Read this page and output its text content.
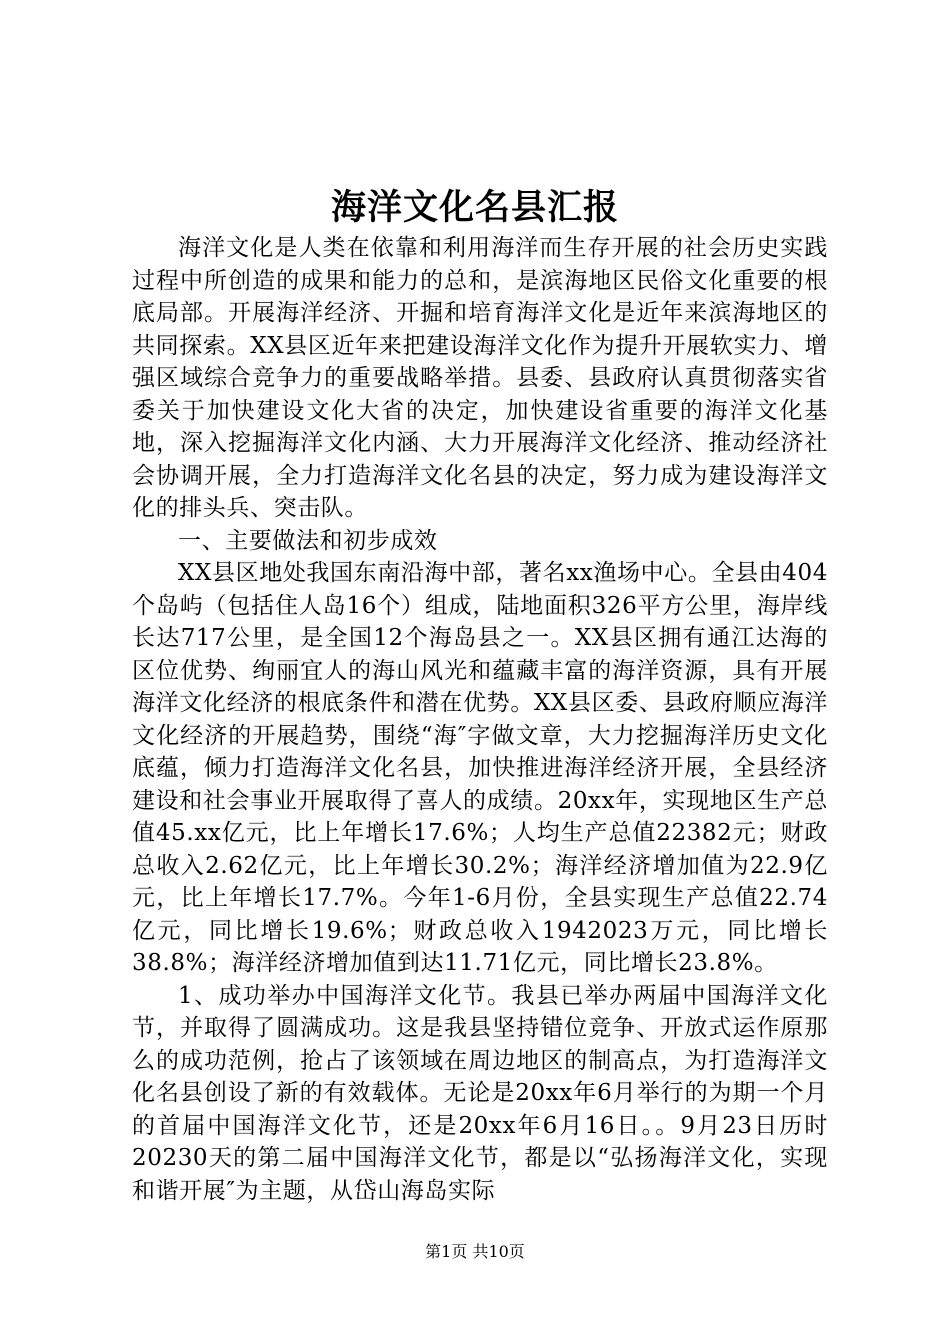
海洋文化名县汇报

海洋文化是人类在依靠和利用海洋而生存开展的社会历史实践过程中所创造的成果和能力的总和，是滨海地区民俗文化重要的根底局部。开展海洋经济、开掘和培育海洋文化是近年来滨海地区的共同探索。XX县区近年来把建设海洋文化作为提升开展软实力、增强区域综合竞争力的重要战略举措。县委、县政府认真贯彻落实省委关于加快建设文化大省的决定，加快建设省重要的海洋文化基地，深入挖掘海洋文化内涵、大力开展海洋文化经济、推动经济社会协调开展，全力打造海洋文化名县的决定，努力成为建设海洋文化的排头兵、突击队。

一、主要做法和初步成效

XX县区地处我国东南沿海中部，著名xx渔场中心。全县由404个岛屿（包括住人岛16个）组成，陆地面积326平方公里，海岸线长达717公里，是全国12个海岛县之一。XX县区拥有通江达海的区位优势、绚丽宜人的海山风光和蕴藏丰富的海洋资源，具有开展海洋文化经济的根底条件和潜在优势。XX县区委、县政府顺应海洋文化经济的开展趋势，围绕“海″字做文章，大力挖掘海洋历史文化底蕴，倾力打造海洋文化名县，加快推进海洋经济开展，全县经济建设和社会事业开展取得了喜人的成绩。20xx年，实现地区生产总值45.xx亿元，比上年增长17.6%；人均生产总值22382元；财政总收入2.62亿元，比上年增长30.2%；海洋经济增加值为22.9亿元，比上年增长17.7%。今年1-6月份，全县实现生产总值22.74亿元，同比增长19.6%；财政总收入1942023万元，同比增长38.8%；海洋经济增加值到达11.71亿元，同比增长23.8%。

1、成功举办中国海洋文化节。我县已举办两届中国海洋文化节，并取得了圆满成功。这是我县坚持错位竞争、开放式运作原那么的成功范例，抢占了该领域在周边地区的制高点，为打造海洋文化名县创设了新的有效载体。无论是20xx年6月举行的为期一个月的首届中国海洋文化节，还是20xx年6月16日。。9月23日历时20230天的第二届中国海洋文化节，都是以“弘扬海洋文化，实现和谐开展″为主题，从岱山海岛实际

第1页 共10页
